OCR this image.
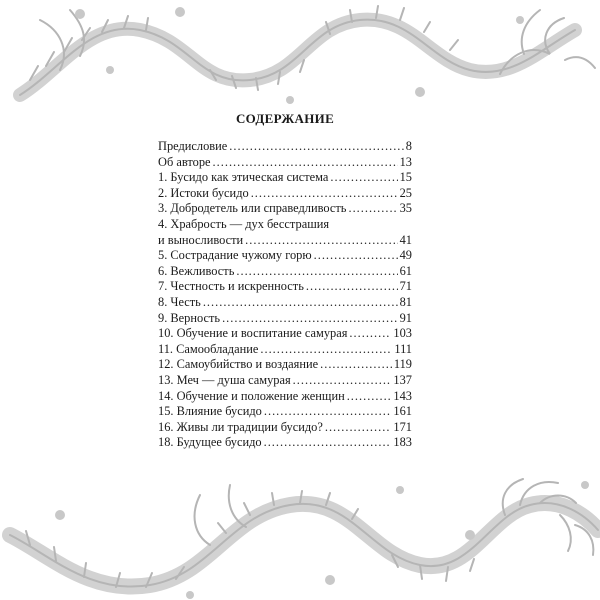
СОДЕРЖАНИЕ
Предисловие .....	8
Об авторе .....	13
1. Бусидо как этическая система .....	15
2. Истоки бусидо .....	25
3. Добродетель или справедливость .....	35
4. Храбрость — дух бесстрашия
и выносливости .....	41
5. Сострадание чужому горю .....	49
6. Вежливость .....	61
7. Честность и искренность .....	71
8. Честь .....	81
9. Верность .....	91
10. Обучение и воспитание самурая .....	103
11. Самообладание .....	111
12. Самоубийство и воздаяние .....	119
13. Меч — душа самурая .....	137
14. Обучение и положение женщин .....	143
15. Влияние бусидо .....	161
16. Живы ли традиции бусидо? .....	171
18. Будущее бусидо .....	183
